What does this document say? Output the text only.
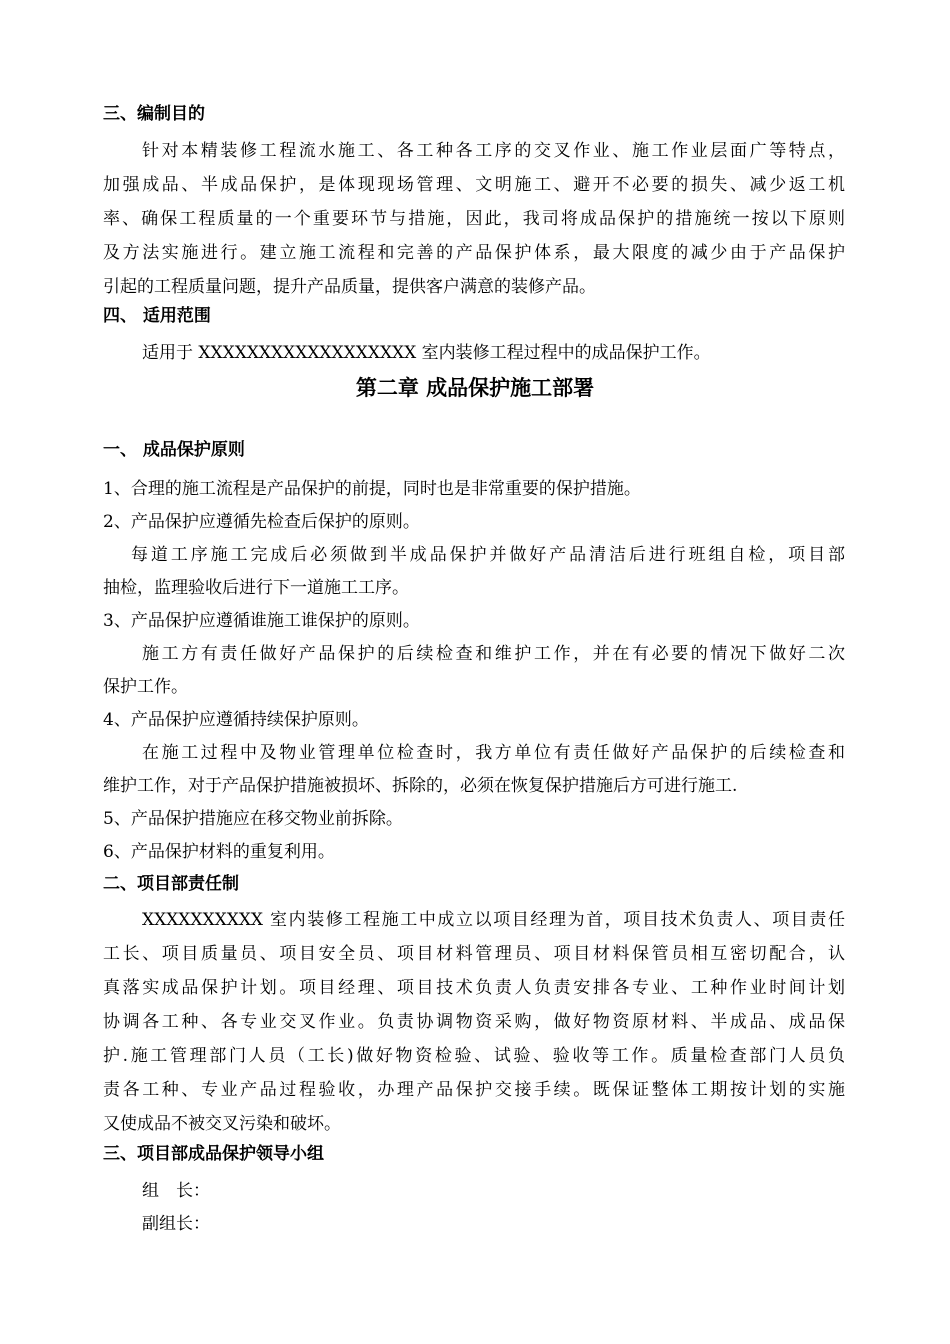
三、编制目的
针对本精装修工程流水施工、各工种各工序的交叉作业、施工作业层面广等特点，
加强成品、半成品保护，是体现现场管理、文明施工、避开不必要的损失、减少返工机
率、确保工程质量的一个重要环节与措施，因此，我司将成品保护的措施统一按以下原则
及方法实施进行。建立施工流程和完善的产品保护体系，最大限度的减少由于产品保护
引起的工程质量问题，提升产品质量，提供客户满意的装修产品。
四、 适用范围
适用于 XXXXXXXXXXXXXXXXXX 室内装修工程过程中的成品保护工作。
第二章 成品保护施工部署
一、 成品保护原则
1、合理的施工流程是产品保护的前提，同时也是非常重要的保护措施。
2、产品保护应遵循先检查后保护的原则。
每道工序施工完成后必须做到半成品保护并做好产品清洁后进行班组自检，项目部
抽检，监理验收后进行下一道施工工序。
3、产品保护应遵循谁施工谁保护的原则。
施工方有责任做好产品保护的后续检查和维护工作，并在有必要的情况下做好二次
保护工作。
4、产品保护应遵循持续保护原则。
在施工过程中及物业管理单位检查时，我方单位有责任做好产品保护的后续检查和
维护工作，对于产品保护措施被损坏、拆除的，必须在恢复保护措施后方可进行施工.
5、产品保护措施应在移交物业前拆除。
6、产品保护材料的重复利用。
二、项目部责任制
XXXXXXXXXX 室内装修工程施工中成立以项目经理为首，项目技术负责人、项目责任
工长、项目质量员、项目安全员、项目材料管理员、项目材料保管员相互密切配合，认
真落实成品保护计划。项目经理、项目技术负责人负责安排各专业、工种作业时间计划
协调各工种、各专业交叉作业。负责协调物资采购，做好物资原材料、半成品、成品保
护.施工管理部门人员（工长)做好物资检验、试验、验收等工作。质量检查部门人员负
责各工种、专业产品过程验收，办理产品保护交接手续。既保证整体工期按计划的实施
又使成品不被交叉污染和破坏。
三、项目部成品保护领导小组
组　长：
副组长：
